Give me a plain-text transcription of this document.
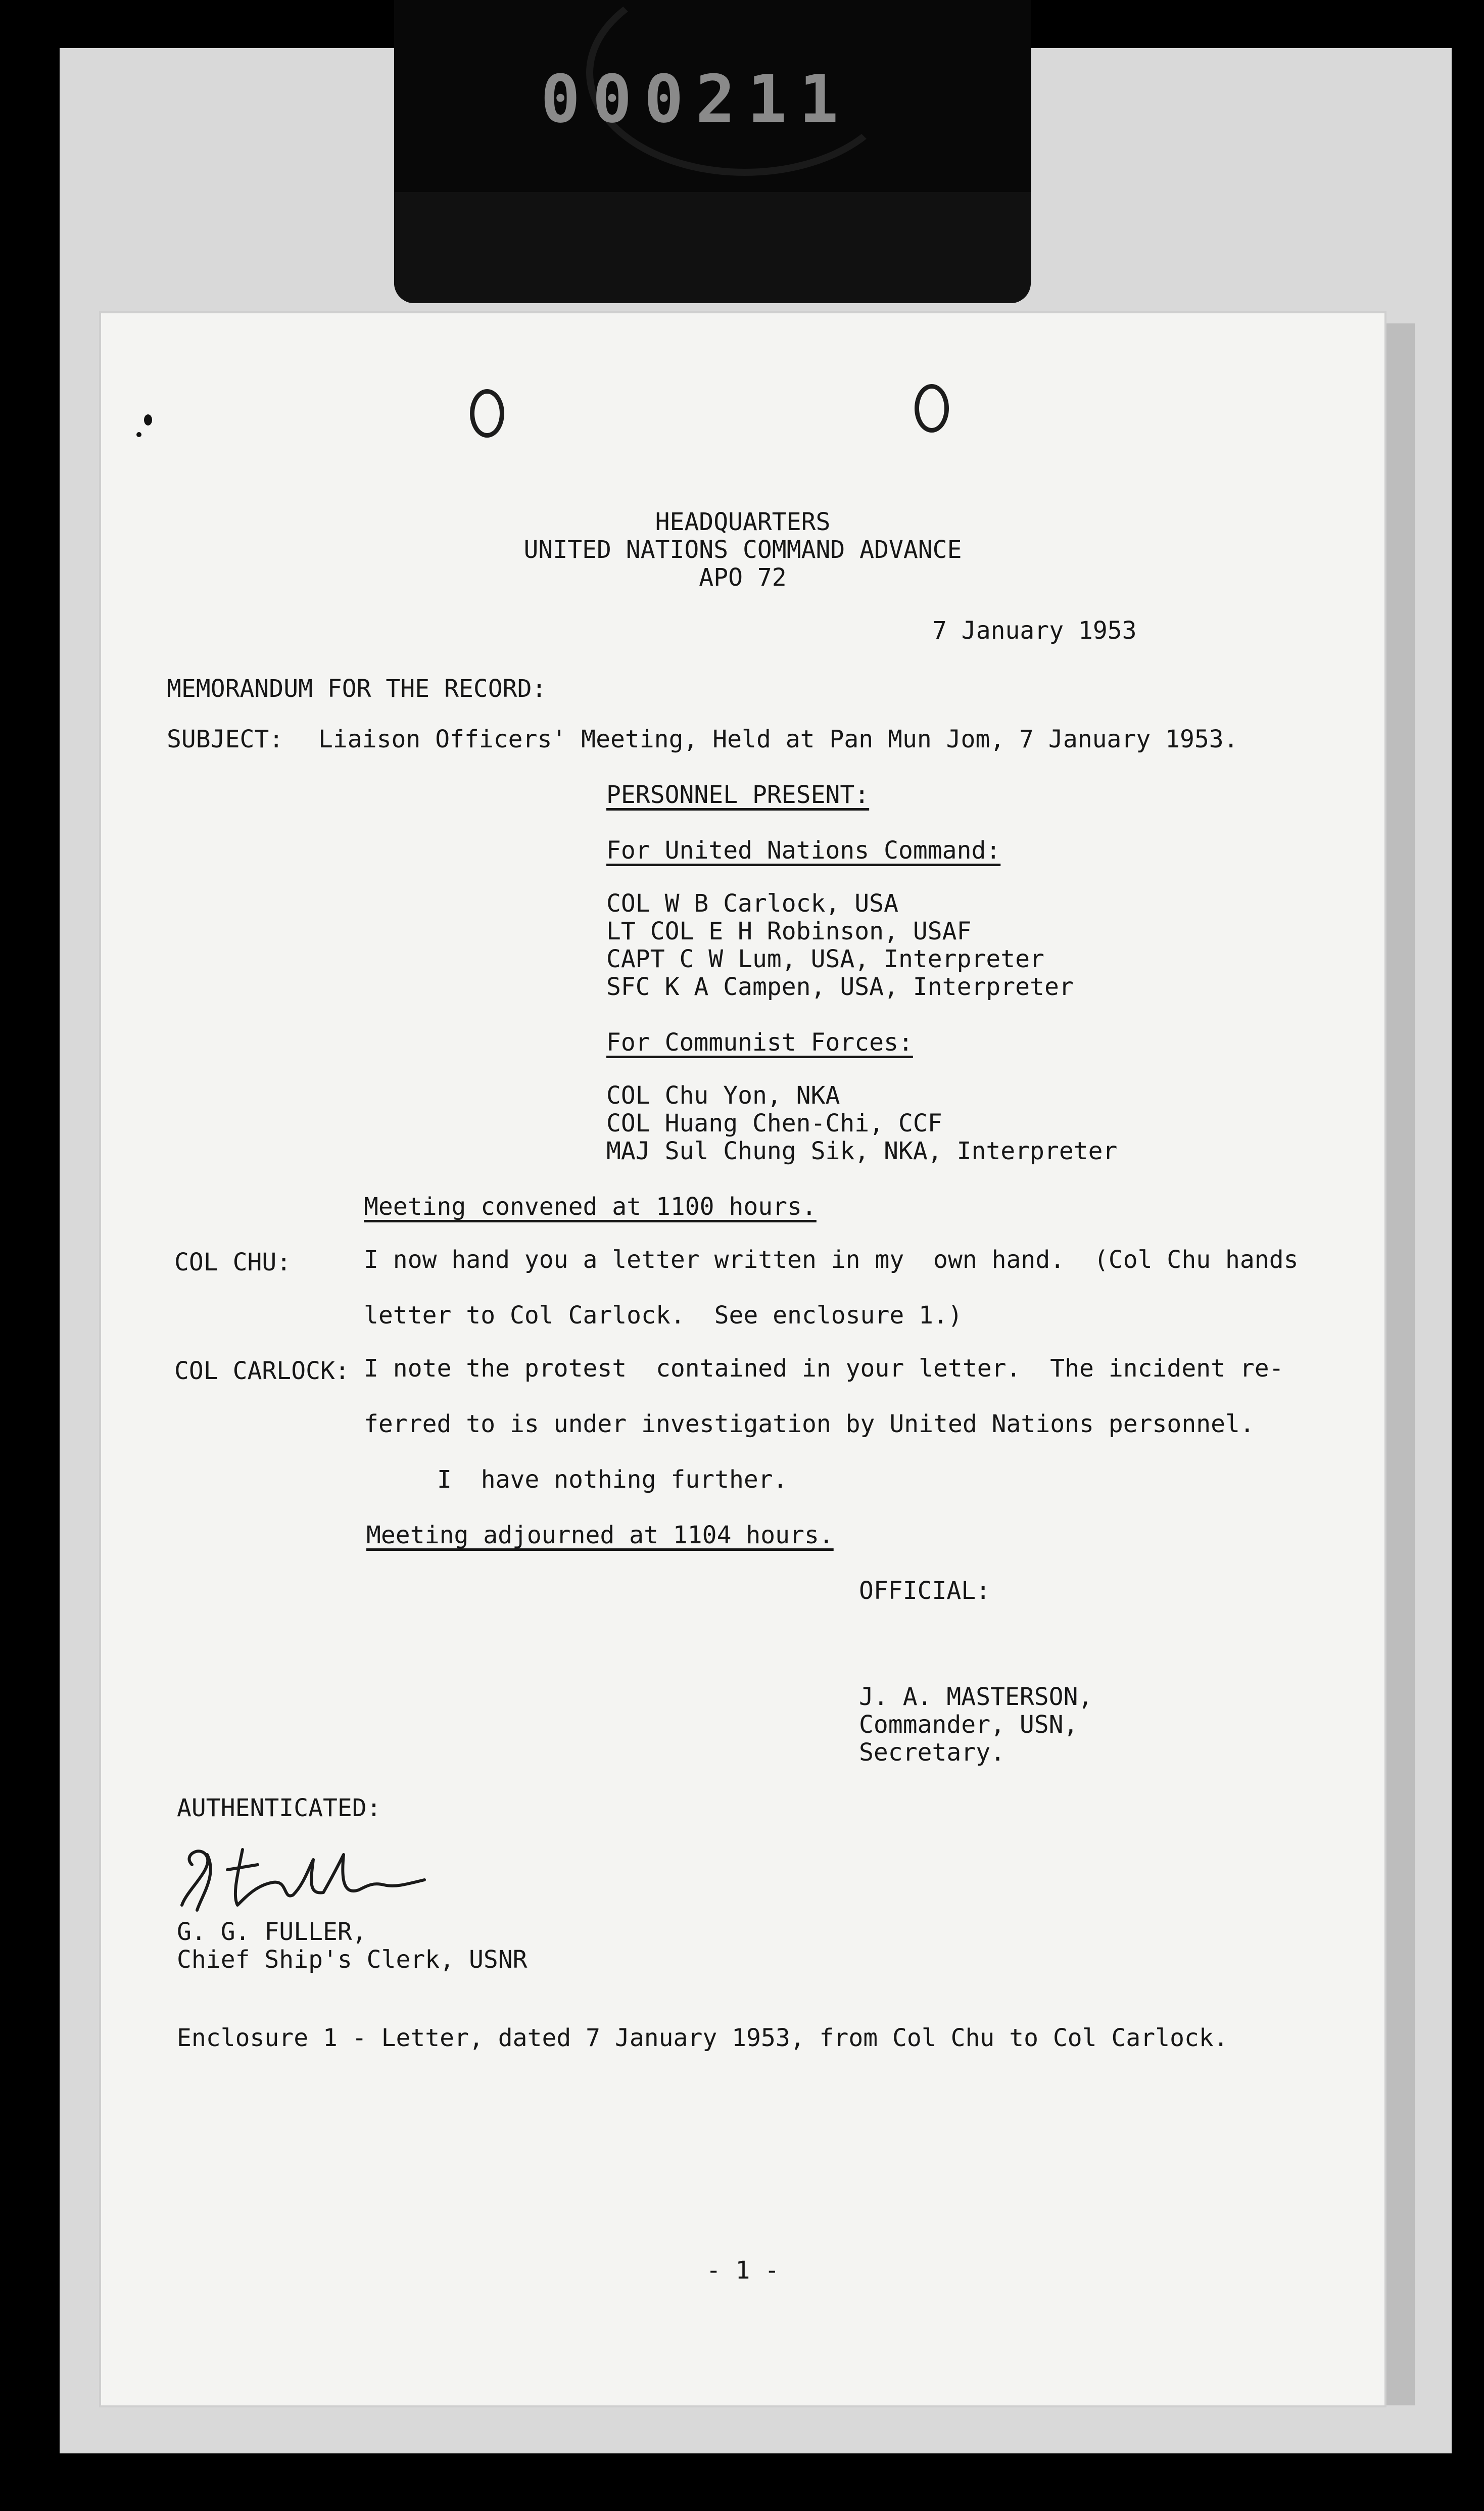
000211
HEADQUARTERS
UNITED NATIONS COMMAND ADVANCE
APO 72
7 January 1953
MEMORANDUM FOR THE RECORD:
SUBJECT: Liaison Officers' Meeting, Held at Pan Mun Jom, 7 January 1953.
PERSONNEL PRESENT:
For United Nations Command:
COL W B Carlock, USA
LT COL E H Robinson, USAF
CAPT C W Lum, USA, Interpreter
SFC K A Campen, USA, Interpreter
For Communist Forces:
COL Chu Yon, NKA
COL Huang Chen-Chi, CCF
MAJ Sul Chung Sik, NKA, Interpreter
Meeting convened at 1100 hours.
COL CHU:	I now hand you a letter written in my  own hand.  (Col Chu hands
letter to Col Carlock.  See enclosure 1.)
COL CARLOCK: I note the protest  contained in your letter.  The incident re-
ferred to is under investigation by United Nations personnel.
I  have nothing further.
Meeting adjourned at 1104 hours.
OFFICIAL:
J. A. MASTERSON,
Commander, USN,
Secretary.
AUTHENTICATED:
G. G. FULLER,
Chief Ship's Clerk, USNR
Enclosure 1 - Letter, dated 7 January 1953, from Col Chu to Col Carlock.
- 1 -
